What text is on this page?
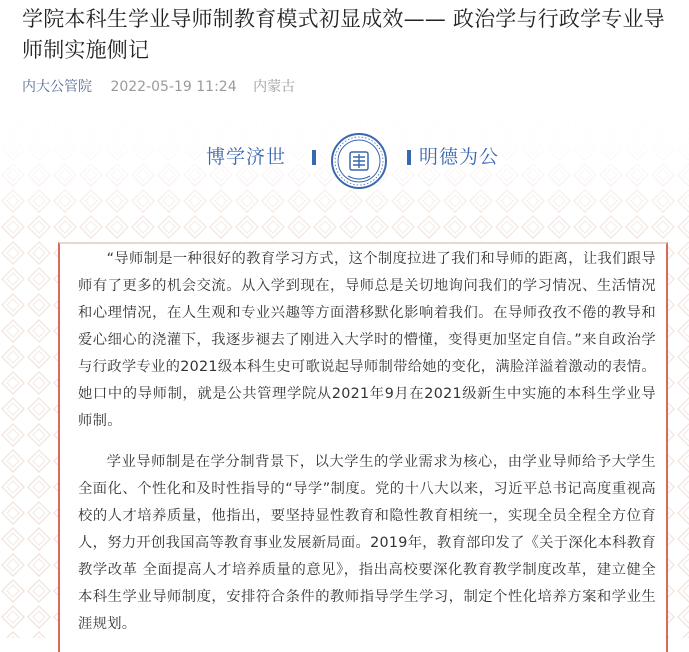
学院本科生学业导师制教育模式初显成效—— 政治学与行政学专业导师制实施侧记
内大公管院 2022-05-19 11:24 内蒙古
博学济世	明德为公

“导师制是一种很好的教育学习方式，这个制度拉进了我们和导师的距离，让我们跟导师有了更多的机会交流。从入学到现在，导师总是关切地询问我们的学习情况、生活情况和心理情况，在人生观和专业兴趣等方面潜移默化影响着我们。在导师孜孜不倦的教导和爱心细心的浇灌下，我逐步褪去了刚进入大学时的懵懂，变得更加坚定自信。”来自政治学与行政学专业的2021级本科生史可歌说起导师制带给她的变化，满脸洋溢着激动的表情。她口中的导师制，就是公共管理学院从2021年9月在2021级新生中实施的本科生学业导师制。

学业导师制是在学分制背景下，以大学生的学业需求为核心，由学业导师给予大学生全面化、个性化和及时性指导的“导学”制度。党的十八大以来，习近平总书记高度重视高校的人才培养质量，他指出，要坚持显性教育和隐性教育相统一，实现全员全程全方位育人，努力开创我国高等教育事业发展新局面。2019年，教育部印发了《关于深化本科教育教学改革 全面提高人才培养质量的意见》，指出高校要深化教育教学制度改革，建立健全本科生学业导师制度，安排符合条件的教师指导学生学习，制定个性化培养方案和学业生涯规划。
